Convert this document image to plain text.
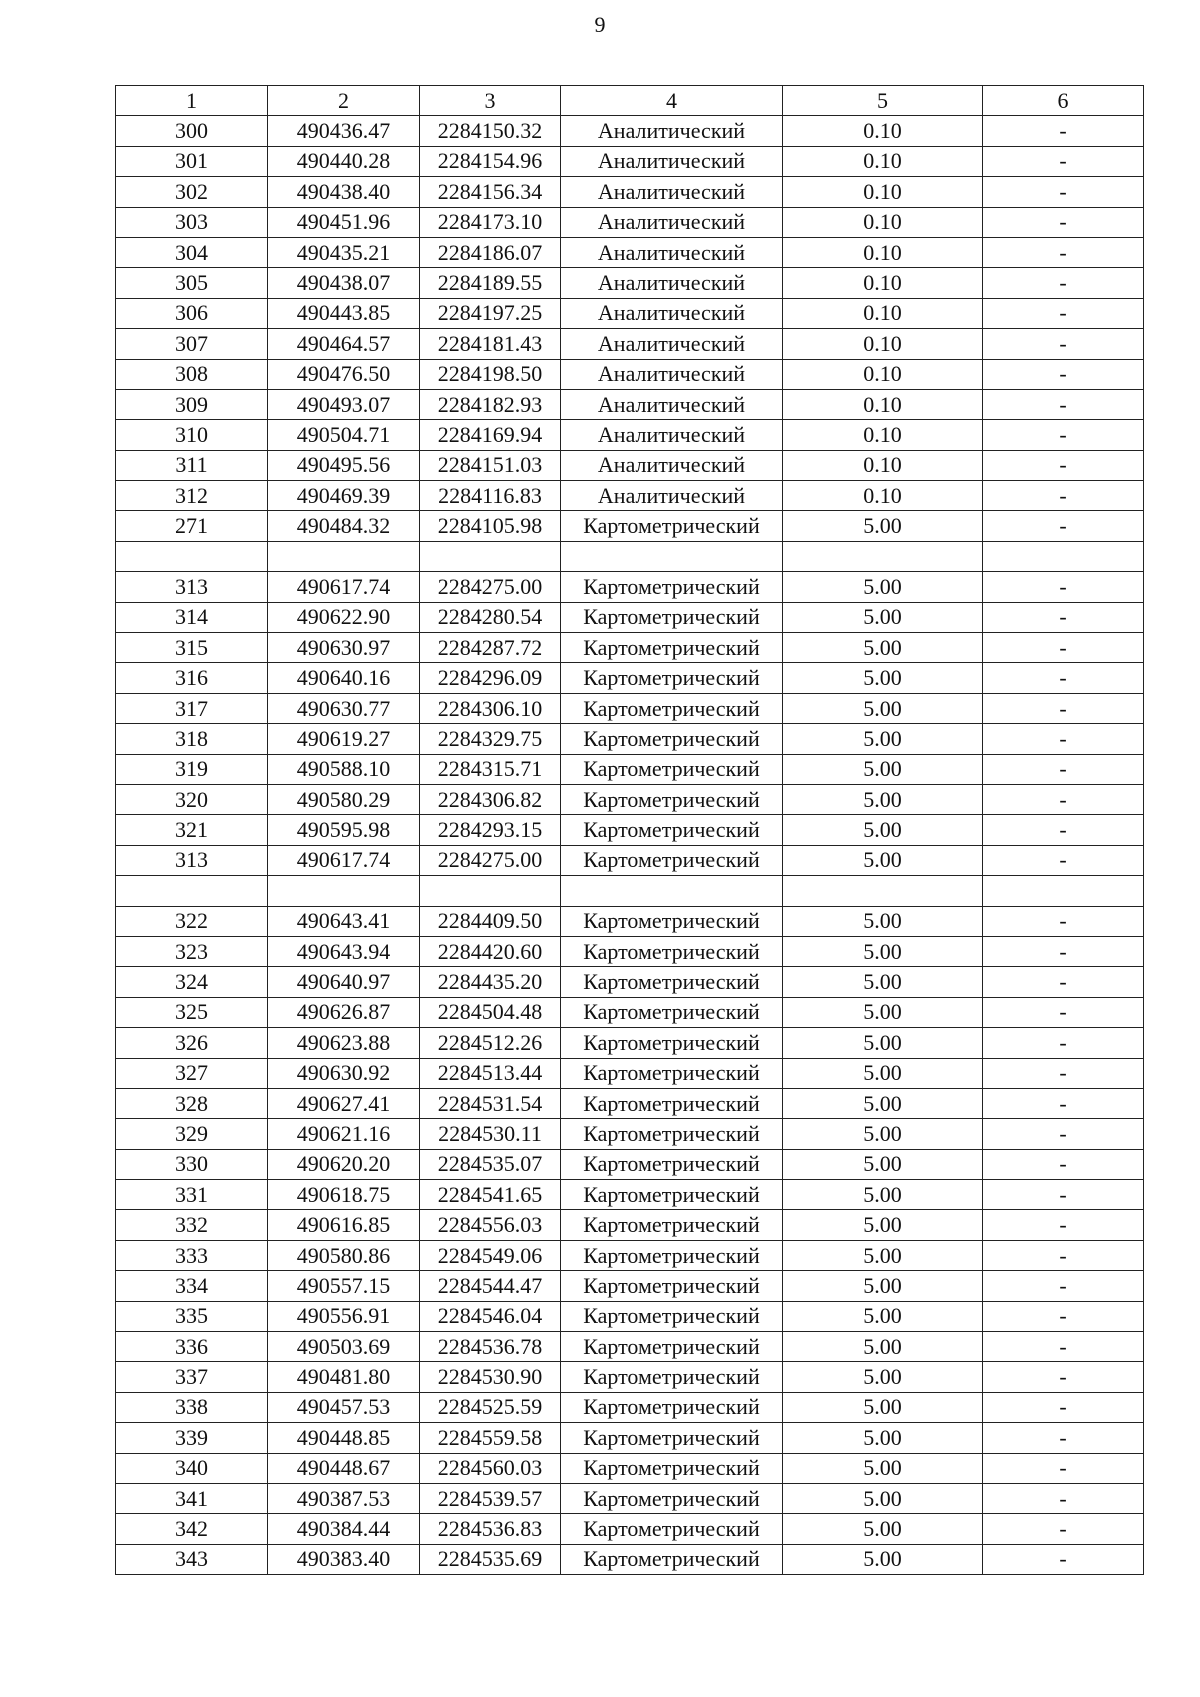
9
1	2	3	4	5	6
300	490436.47	2284150.32	Аналитический	0.10	-
301	490440.28	2284154.96	Аналитический	0.10	-
302	490438.40	2284156.34	Аналитический	0.10	-
303	490451.96	2284173.10	Аналитический	0.10	-
304	490435.21	2284186.07	Аналитический	0.10	-
305	490438.07	2284189.55	Аналитический	0.10	-
306	490443.85	2284197.25	Аналитический	0.10	-
307	490464.57	2284181.43	Аналитический	0.10	-
308	490476.50	2284198.50	Аналитический	0.10	-
309	490493.07	2284182.93	Аналитический	0.10	-
310	490504.71	2284169.94	Аналитический	0.10	-
311	490495.56	2284151.03	Аналитический	0.10	-
312	490469.39	2284116.83	Аналитический	0.10	-
271	490484.32	2284105.98	Картометрический	5.00	-

313	490617.74	2284275.00	Картометрический	5.00	-
314	490622.90	2284280.54	Картометрический	5.00	-
315	490630.97	2284287.72	Картометрический	5.00	-
316	490640.16	2284296.09	Картометрический	5.00	-
317	490630.77	2284306.10	Картометрический	5.00	-
318	490619.27	2284329.75	Картометрический	5.00	-
319	490588.10	2284315.71	Картометрический	5.00	-
320	490580.29	2284306.82	Картометрический	5.00	-
321	490595.98	2284293.15	Картометрический	5.00	-
313	490617.74	2284275.00	Картометрический	5.00	-

322	490643.41	2284409.50	Картометрический	5.00	-
323	490643.94	2284420.60	Картометрический	5.00	-
324	490640.97	2284435.20	Картометрический	5.00	-
325	490626.87	2284504.48	Картометрический	5.00	-
326	490623.88	2284512.26	Картометрический	5.00	-
327	490630.92	2284513.44	Картометрический	5.00	-
328	490627.41	2284531.54	Картометрический	5.00	-
329	490621.16	2284530.11	Картометрический	5.00	-
330	490620.20	2284535.07	Картометрический	5.00	-
331	490618.75	2284541.65	Картометрический	5.00	-
332	490616.85	2284556.03	Картометрический	5.00	-
333	490580.86	2284549.06	Картометрический	5.00	-
334	490557.15	2284544.47	Картометрический	5.00	-
335	490556.91	2284546.04	Картометрический	5.00	-
336	490503.69	2284536.78	Картометрический	5.00	-
337	490481.80	2284530.90	Картометрический	5.00	-
338	490457.53	2284525.59	Картометрический	5.00	-
339	490448.85	2284559.58	Картометрический	5.00	-
340	490448.67	2284560.03	Картометрический	5.00	-
341	490387.53	2284539.57	Картометрический	5.00	-
342	490384.44	2284536.83	Картометрический	5.00	-
343	490383.40	2284535.69	Картометрический	5.00	-
